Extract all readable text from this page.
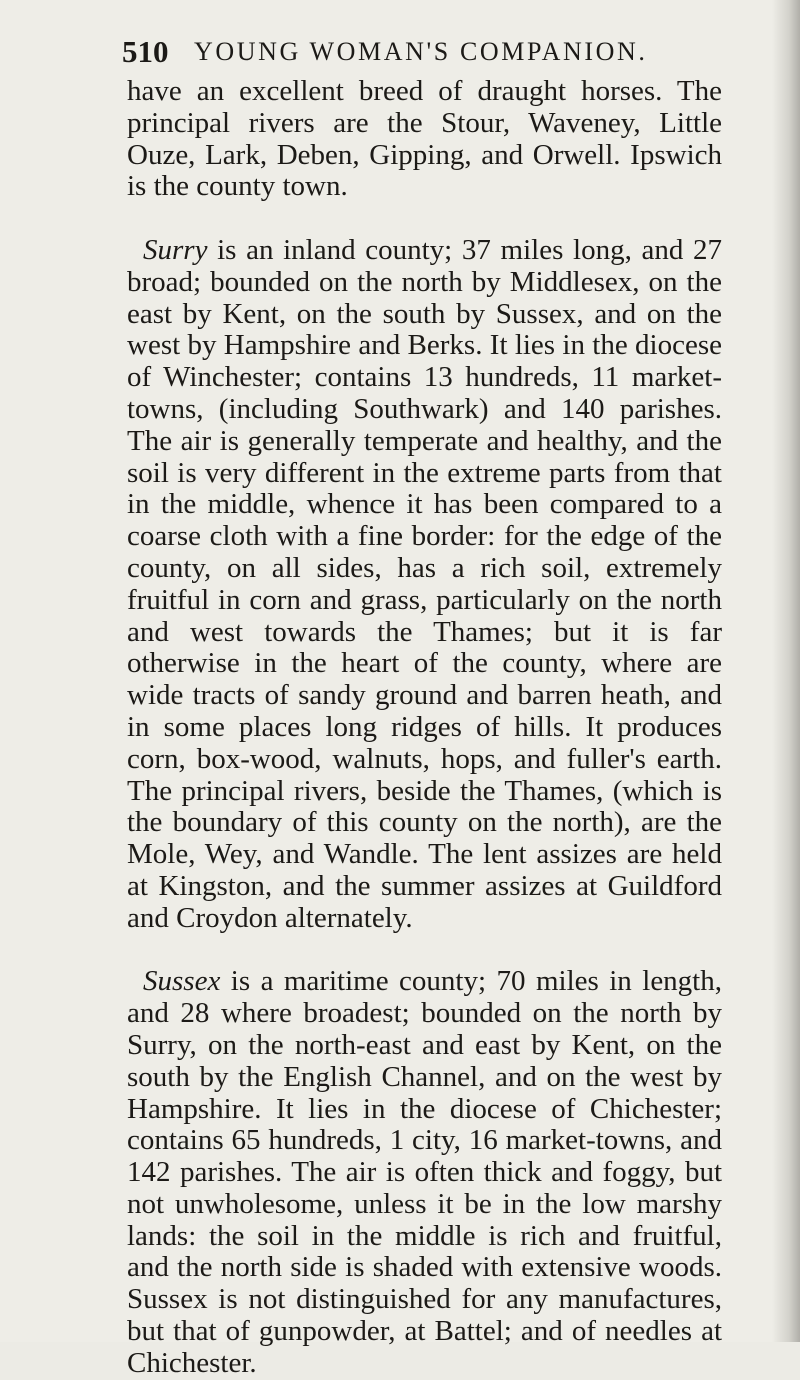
510 YOUNG WOMAN'S COMPANION.

have an excellent breed of draught horses. The principal rivers are the Stour, Waveney, Little Ouze, Lark, Deben, Gipping, and Orwell. Ipswich is the county town.

Surry is an inland county; 37 miles long, and 27 broad; bounded on the north by Middlesex, on the east by Kent, on the south by Sussex, and on the west by Hampshire and Berks. It lies in the diocese of Winchester; contains 13 hundreds, 11 market-towns, (including Southwark) and 140 parishes. The air is generally temperate and healthy, and the soil is very different in the extreme parts from that in the middle, whence it has been compared to a coarse cloth with a fine border: for the edge of the county, on all sides, has a rich soil, extremely fruitful in corn and grass, particularly on the north and west towards the Thames; but it is far otherwise in the heart of the county, where are wide tracts of sandy ground and barren heath, and in some places long ridges of hills. It produces corn, box-wood, walnuts, hops, and fuller's earth. The principal rivers, beside the Thames, (which is the boundary of this county on the north), are the Mole, Wey, and Wandle. The lent assizes are held at Kingston, and the summer assizes at Guildford and Croydon alternately.

Sussex is a maritime county; 70 miles in length, and 28 where broadest; bounded on the north by Surry, on the north-east and east by Kent, on the south by the English Channel, and on the west by Hampshire. It lies in the diocese of Chichester; contains 65 hundreds, 1 city, 16 market-towns, and 142 parishes. The air is often thick and foggy, but not unwholesome, unless it be in the low marshy lands: the soil in the middle is rich and fruitful, and the north side is shaded with extensive woods. Sussex is not distinguished for any manufactures, but that of gunpowder, at Battel; and of needles at Chichester.
